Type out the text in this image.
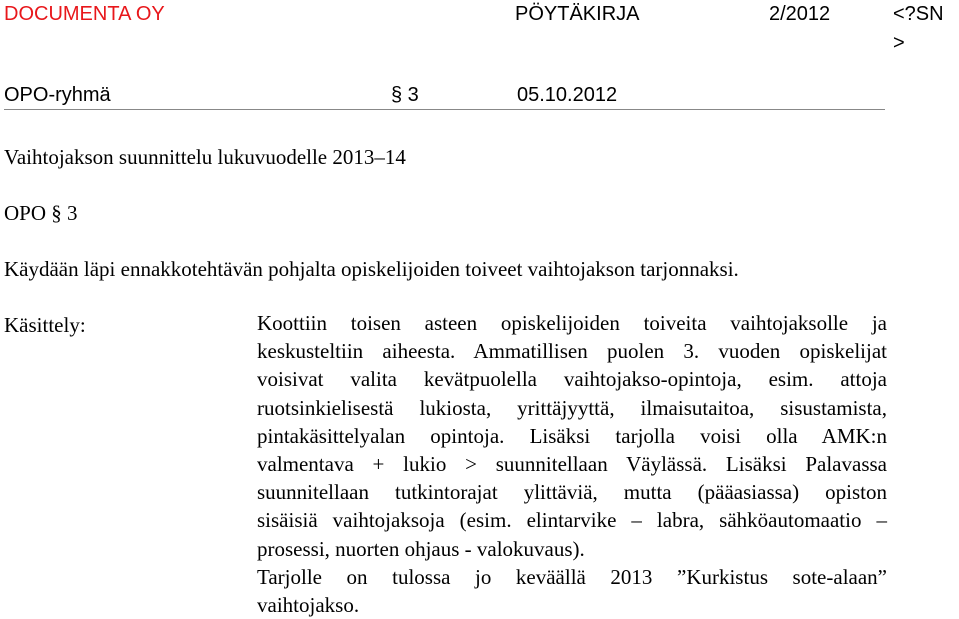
DOCUMENTA OY	PÖYTÄKIRJA	2/2012	<?SN >
OPO-ryhmä	§ 3	05.10.2012
Vaihtojakson suunnittelu lukuvuodelle 2013–14
OPO § 3
Käydään läpi ennakkotehtävän pohjalta opiskelijoiden toiveet vaihtojakson tarjonnaksi.
Käsittely:	Koottiin toisen asteen opiskelijoiden toiveita vaihtojaksolle ja
keskusteltiin aiheesta. Ammatillisen puolen 3. vuoden opiskelijat
voisivat valita kevätpuolella vaihtojakso-opintoja, esim. attoja
ruotsinkielisestä lukiosta, yrittäjyyttä, ilmaisutaitoa, sisustamista,
pintakäsittelyalan opintoja. Lisäksi tarjolla voisi olla AMK:n
valmentava + lukio > suunnitellaan Väylässä. Lisäksi Palavassa
suunnitellaan tutkintorajat ylittäviä, mutta (pääasiassa) opiston
sisäisiä vaihtojaksoja (esim. elintarvike – labra, sähköautomaatio –
prosessi, nuorten ohjaus - valokuvaus).
Tarjolle on tulossa jo keväällä 2013 ”Kurkistus sote-alaan”
vaihtojakso.
